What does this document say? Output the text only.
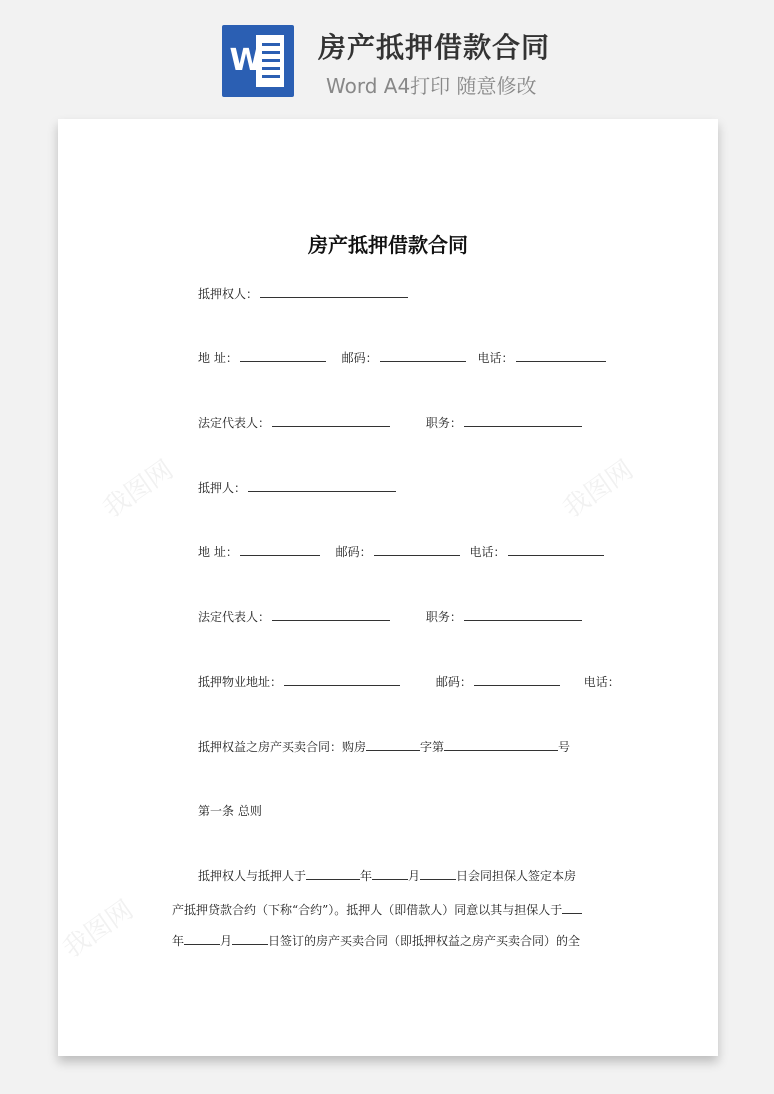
W 房产抵押借款合同
Word A4打印 随意修改
我图网	我图网
我图网
房产抵押借款合同
抵押权人：
地 址：	邮码：	电话：
法定代表人：	职务：
抵押人：
地 址：	邮码：	电话：
法定代表人：	职务：
抵押物业地址：	邮码：	电话：
抵押权益之房产买卖合同：购房	字第	号
第一条 总则
抵押权人与抵押人于	年	月	日会同担保人签定本房
产抵押贷款合约（下称“合约”）。抵押人（即借款人）同意以其与担保人于
年	月	日签订的房产买卖合同（即抵押权益之房产买卖合同）的全
